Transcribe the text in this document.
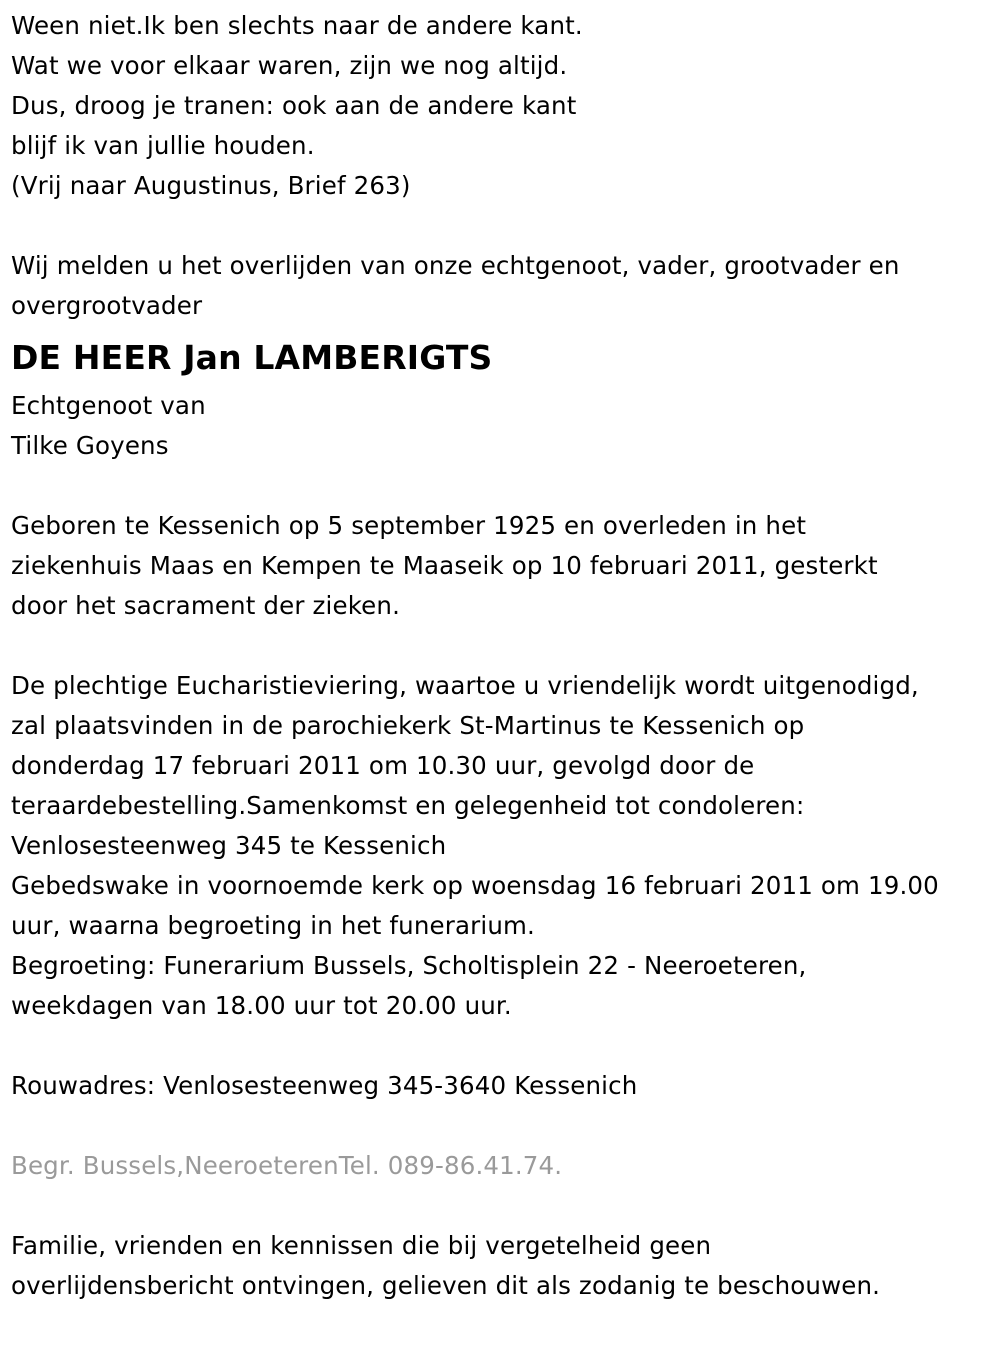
Ween niet.Ik ben slechts naar de andere kant.
Wat we voor elkaar waren, zijn we nog altijd.
Dus, droog je tranen: ook aan de andere kant
blijf ik van jullie houden.
(Vrij naar Augustinus, Brief 263)
Wij melden u het overlijden van onze echtgenoot, vader, grootvader en
overgrootvader
DE HEER Jan LAMBERIGTS
Echtgenoot van
Tilke Goyens
Geboren te Kessenich op 5 september 1925 en overleden in het
ziekenhuis Maas en Kempen te Maaseik op 10 februari 2011, gesterkt
door het sacrament der zieken.
De plechtige Eucharistieviering, waartoe u vriendelijk wordt uitgenodigd,
zal plaatsvinden in de parochiekerk St-Martinus te Kessenich op
donderdag 17 februari 2011 om 10.30 uur, gevolgd door de
teraardebestelling.Samenkomst en gelegenheid tot condoleren:
Venlosesteenweg 345 te Kessenich
Gebedswake in voornoemde kerk op woensdag 16 februari 2011 om 19.00
uur, waarna begroeting in het funerarium.
Begroeting: Funerarium Bussels, Scholtisplein 22 - Neeroeteren,
weekdagen van 18.00 uur tot 20.00 uur.
Rouwadres: Venlosesteenweg 345-3640 Kessenich
Begr. Bussels,NeeroeterenTel. 089-86.41.74.
Familie, vrienden en kennissen die bij vergetelheid geen
overlijdensbericht ontvingen, gelieven dit als zodanig te beschouwen.
